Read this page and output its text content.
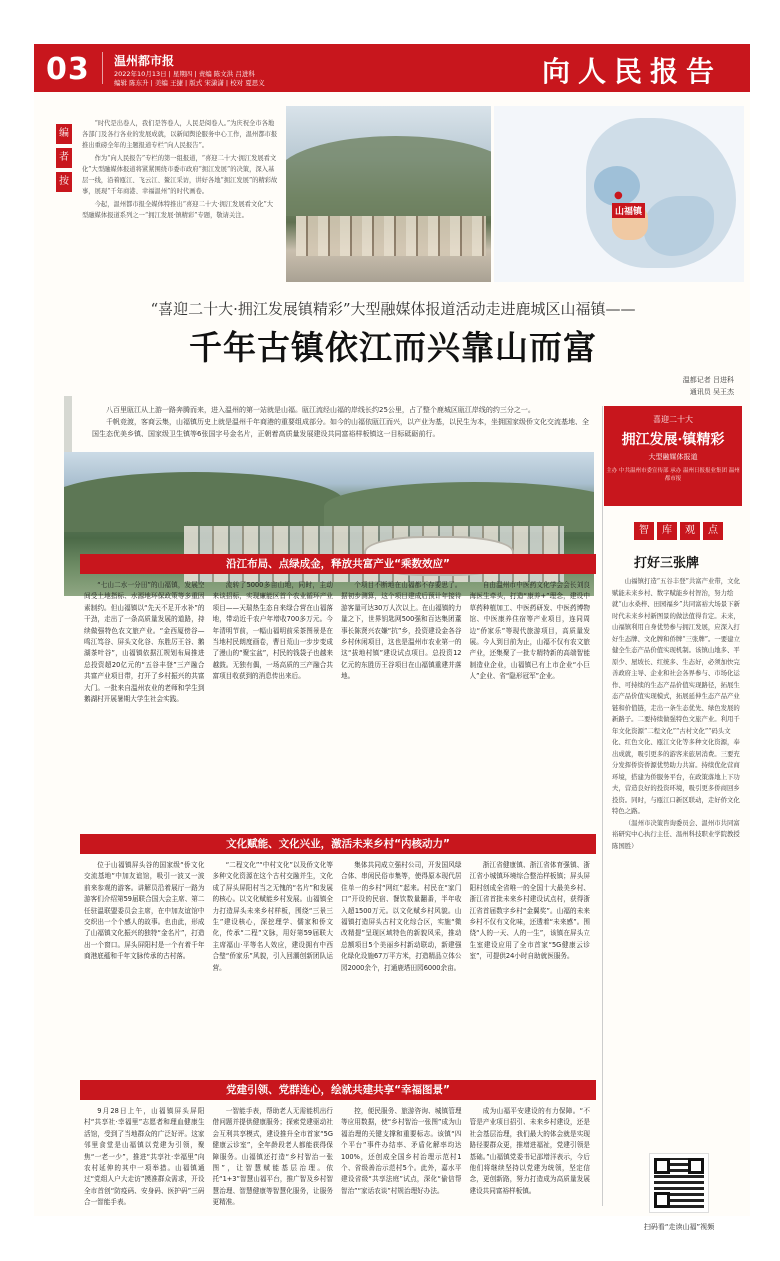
03 温州都市报
2022年10月13日 | 星期四 | 责编 陈文洪 吕进科
编辑 陈东升 | 美编 王捷 | 版式 宋潇潇 | 校对 夏思义	向人民报告
编
者
按

“时代是出卷人，我们是答卷人，人民是阅卷人。”为庆祝全市各地各部门及各行各业的发展成就，以新闻舆论服务中心工作，温州都市报推出重磅全年的主题报道专栏“向人民报告”。

作为“向人民报告”专栏的第一组报道，“喜迎二十大·拥江发展看文化”大型融媒体报道将紧紧围绕市委市政府“拥江发展”的决策，深入基层一线，沿着瓯江、飞云江、鳌江采访，讲好各地“拥江发展”的精彩故事，展现“千年商港、幸福温州”的时代画卷。

今起，温州都市报全媒体特推出“喜迎二十大·拥江发展看文化”大型融媒体报道系列之一“拥江发展·镇精彩”专题，敬请关注。

●
山福镇
“喜迎二十大·拥江发展镇精彩”大型融媒体报道活动走进鹿城区山福镇——
千年古镇依江而兴靠山而富
温都记者 吕进科
通讯员 吴王杰

八百里瓯江从上游一路奔腾而来，进入温州的第一站就是山福。瓯江流经山福的岸线长约25公里，占了整个鹿城区瓯江岸线的约三分之一。

千帆竞渡，客商云集，山福镇历史上就是温州千年商港的重要组成部分。如今的山福依瓯江而兴，以产业为基，以民生为本，坐拥国家级侨文化交流基地、全国生态优美乡镇、国家级卫生镇等6张国字号金名片，正朝着高质量发展建设共同富裕样板镇这一目标砥砺前行。

喜迎二十大
拥江发展·镇精彩
大型融媒体报道
主办 中共温州市委宣传部 承办 温州日报报业集团 温州都市报
智	库	观	点
打好三张牌

山福镇打造“五谷丰登”共富产业带，文化赋能未来乡村、数字赋能乡村智治，努力绘就“山水桑梓、田园福乡”共同富裕大场景下新时代未来乡村新图景的做法值得肯定。未来，山福镇利用自身优势参与拥江发展，应深入打好生态牌、文化牌和侨牌“三张牌”。一要建立健全生态产品价值实现机制。该镇山地多、平原少、屋坡长、红统多、生态好，必须加快完善政府主导、企业和社会各界参与、市场化运作、可持续的生态产品价值实现路径，拓展生态产品价值实现模式，拓展延伸生态产品产业链和价值链，走出一条生态优先、绿色发展的新路子。二要持续做强特色文旅产业。利用千年文化资源“二程文化”“古村文化”“码头文化、红色文化、瓯江文化等多种文化资源，奉出成就，吸引更多的游客来旅居消费。三要充分发挥侨资侨源优势助力共富。持续优化营商环境，搭建为侨服务平台，在政策落地上下功夫，营造良好的投资环境，吸引更多侨商回乡投资。同时，与瓯江口新区联动，走好侨文化特色之路。

（温州市决策咨询委员会、温州市共同富裕研究中心执行主任、温州科技职业学院教授 陈国胜）

扫码看“走读山福”视频
沿江布局、点绿成金，释放共富产业“乘数效应”

“七山二水一分田”的山福镇，发展空间受土地指标、水源地环保政策等多重因素制约。但山福镇以“先天不足开水补”的干劲，走出了一条高质量发展的道路，持续做强特色农文旅产业。“金西厦傍谷—鸣江笃谷、屏头文化谷、东胜厉王谷、鹅湖茶叶谷”，山福镇依据江规划布局推进总投资超20亿元的“五谷丰登”三产融合共富产业项目带，打开了乡村振兴的共富大门。一批来自温州农业的老师和学生到鹅湖村开展暑期大学生社会实践。

流转了5000多亩山地，同时，主动来谈招标，实现廉能区首个农业循环产业项目——天瑞热生态自来绿合营在山福落地，带动近千农户年增收700多万元。今年清明节前，一幅山福明前采茶图景是在当地村民朗度画卷，曹日荒山一步步变成了漫山的“聚宝盆”，村民的钱袋子也越来越鼓。无独有偶，一场高质的三产融合共富项目收获到的消息传出来后。

个项目不断地在山福都不存要思了。据初步测算，这个项目建成后预计年接待游客量可达30万人次以上。在山福镇的力量之下，世界钥匙网500强和百达集团董事长陈贤兴农嫌“抗”乡，投资建设金各谷乡村休闲项目，这也是温州市农业第一的这“拔地村镇”建设试点项目。总投资12亿元的东胜历王谷项目在山福镇重建并落地。

自由温州市中医药文化学会会长刘良海医生牵头，打造“康养+”理念，建设中草药种植加工、中医药研发、中医药博物馆、中医康养住宿等产业项目，连同周边“侨家乐”等现代旅游项目，高质量发展。今人到目前为止，山福不仅有农文旅产业，还集聚了一批专精特新的高端智能制造业企业，山福镇已有上市企业“小巨人”企业、省“隐形冠军”企业。

文化赋能、文化兴业，激活未来乡村“内核动力”

位于山福镇屏头谷的国家级“侨文化交流基地”中加友谊馆，吸引一波又一波前来参观的游客。讲解员沿着展厅一路为游客们介绍第59届联合国大会主席、第二任驻温联盟委员会主席，在中加友谊馆中交织出一个个感人的故事。也由此，形成了山福镇文化振兴的独特“金名片”，打造出一个窗口。屏头屏阳村是一个有着千年商港底蕴和千年文脉传承的古村落。

“二程文化”“中村文化”以及侨文化等多种文化资源在这个古村交融并生，文化成了屏头屏阳村当之无愧的“名片”和发展的核心。以文化赋能乡村发展。山福镇全力打造屏头未来乡村样板，围绕“三景三生”建设核心，深挖理学、儒家和侨文化，传承“二程”文脉，用好第59届联大主席福山·平等名人效应，建设拥有中西合璧“侨家乐”风貌，引入回潮创新团队运营。

集体共同成立强村公司，开发国风绿合体、串闲民俗市集等，使得原本现代居住单一的乡村“网红”起来。村民在“家门口”开设的民宿、餐饮数量翻番，半年收入超1500万元。以文化赋乡村风貌。山福镇打造屏头古村文化综合区，实施“微改精提”呈现区域特色的新貌风采，推动总额项目5个美丽乡村新动联动，新建强化绿化设施67万平方米，打造精品立体公园2000余个，打通鹿塔田园6000余亩。

浙江省健康镇、浙江省体育强镇、浙江省小城镇环境综合整治样板镇；屏头屏阳村创成全省唯一的全国十大最美乡村、浙江省首批未来乡村建设试点村，获得浙江省首届数字乡村“金翼奖”。山福的未来乡村不仅有文化味，还透着“未来感”。围绕“人的一天、人的一生”，该镇在屏头立生室建设应用了全市首家“5G健康云诊室”，可提供24小时自助就医服务。

党建引领、党群连心，绘就共建共享“幸福图景”

9月28日上午，山福镇屏头屏阳村“共享社·幸福里”志愿者和理血健康生活馆，受到了当地群众的广泛好评。这家邻里食堂是山福镇以党建为引领，聚焦“一老一少”，推进“共享社·幸福里”向农村延伸的其中一项举措。山福镇通过“党组人户大走访”摸准群众需求，开设全市首创“防疫码、安身码、医护码”三码合一智能手表。

一智能手表，帮助老人无需能机出行借问题并提供健康服务；探索党建驱动社会互利共享模式，建设推升全市首家“5G健康云诊室”，全年龄段老人都能获得保障服务。山福镇还打造“乡村智治一张图”，让智慧赋能基层治理。依托“1+3”智慧山福平台，推广智及乡村智慧治理、智慧健康等智慧化服务，让服务更精准。

控，便民服务、旅游咨询、城镇管理等应用数据，使“乡村智治一张图”成为山福治理的关键支撑和重要标志。该镇“四个平台”事件办结率、矛盾化解率均达100%，还创成全国乡村治理示范村1个、省级善治示范村5个。此外，嘉水平建设省级“共享法庭”试点，深化“偷信帮智治”“家话农谈”村规治理好办法。

成为山福平安建设的有力保障。“不管是产业项目招引、未来乡村建设，还是社会基层治理，我们最大的体会就是实现路径要群众更，推增进福祉，党建引领是基础。”山福镇党委书记邵增洋表示，今后他们将继续坚持以党建为统领，坚定信念，更创新路，努力打造成为高质量发展建设共同富裕样板镇。
